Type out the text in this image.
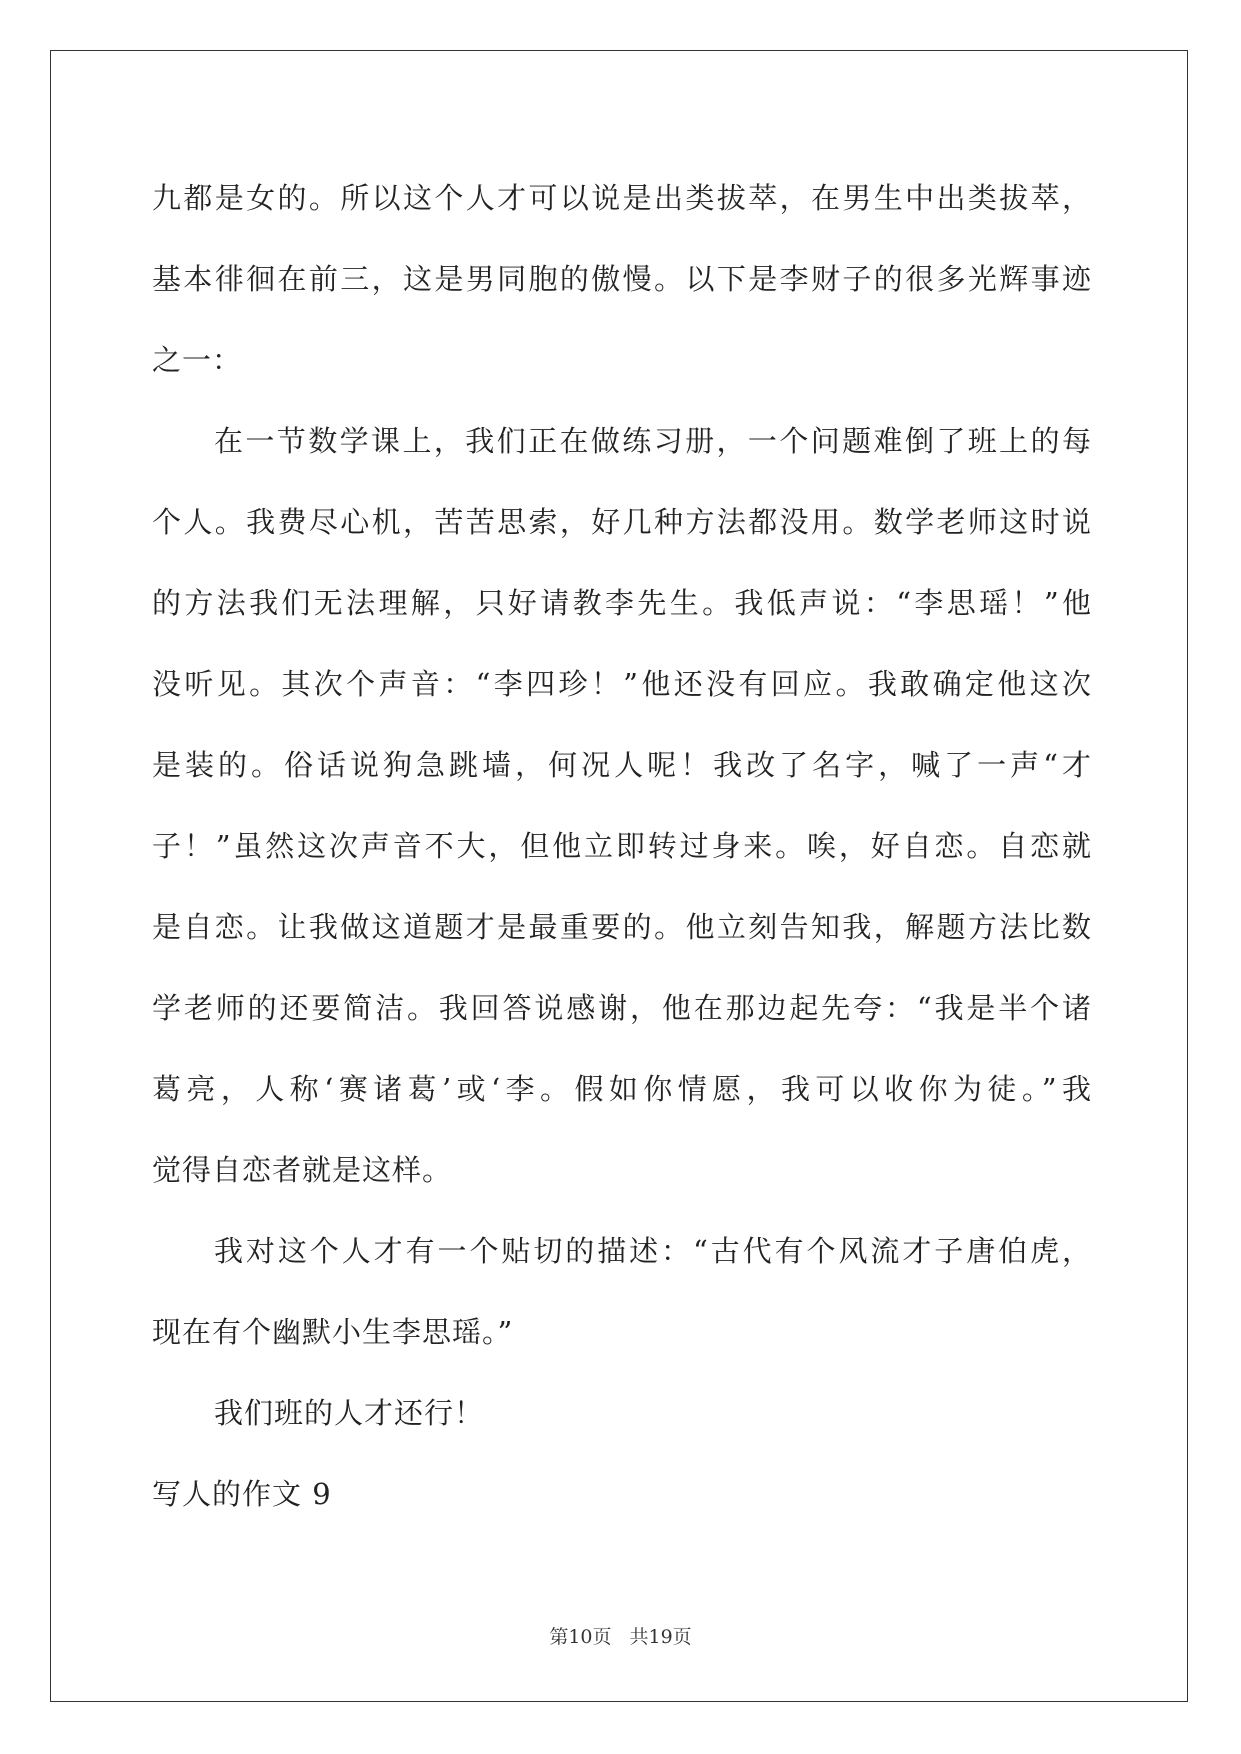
九都是女的。所以这个人才可以说是出类拔萃，在男生中出类拔萃，
基本徘徊在前三，这是男同胞的傲慢。以下是李财子的很多光辉事迹
之一：
在一节数学课上，我们正在做练习册，一个问题难倒了班上的每
个人。我费尽心机，苦苦思索，好几种方法都没用。数学老师这时说
的方法我们无法理解，只好请教李先生。我低声说：“李思瑶！”他
没听见。其次个声音：“李四珍！”他还没有回应。我敢确定他这次
是装的。俗话说狗急跳墙，何况人呢！我改了名字，喊了一声“才
子！”虽然这次声音不大，但他立即转过身来。唉，好自恋。自恋就
是自恋。让我做这道题才是最重要的。他立刻告知我，解题方法比数
学老师的还要简洁。我回答说感谢，他在那边起先夸：“我是半个诸
葛亮，人称‘赛诸葛’或‘李。假如你情愿，我可以收你为徒。”我
觉得自恋者就是这样。
我对这个人才有一个贴切的描述：“古代有个风流才子唐伯虎，
现在有个幽默小生李思瑶。”
我们班的人才还行！
写人的作文 9
第10页 共19页
